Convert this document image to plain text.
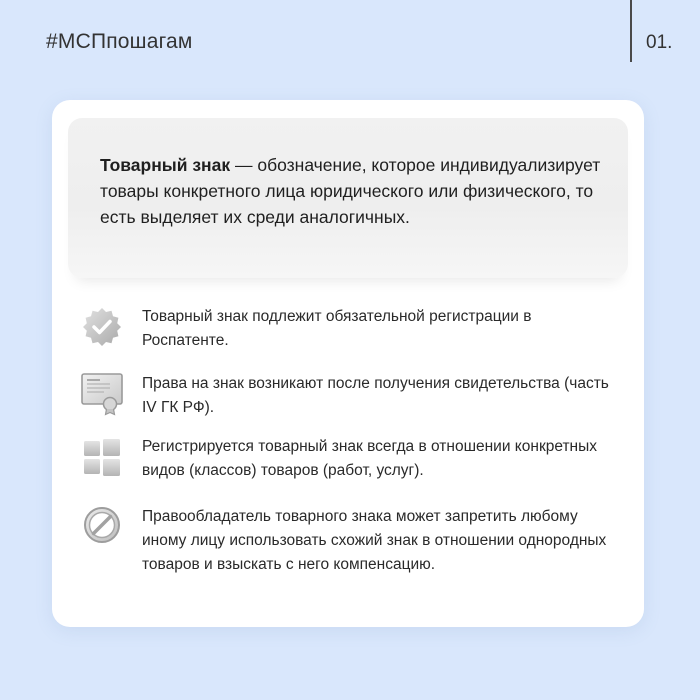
#МСПпошагам	01.
Товарный знак — обозначение, которое индивидуализирует товары конкретного лица юридического или физического, то есть выделяет их среди аналогичных.
Товарный знак подлежит обязательной регистрации в Роспатенте.
Права на знак возникают после получения свидетельства (часть IV ГК РФ).
Регистрируется товарный знак всегда в отношении конкретных видов (классов) товаров (работ, услуг).
Правообладатель товарного знака может запретить любому иному лицу использовать схожий знак в отношении однородных товаров и взыскать с него компенсацию.
